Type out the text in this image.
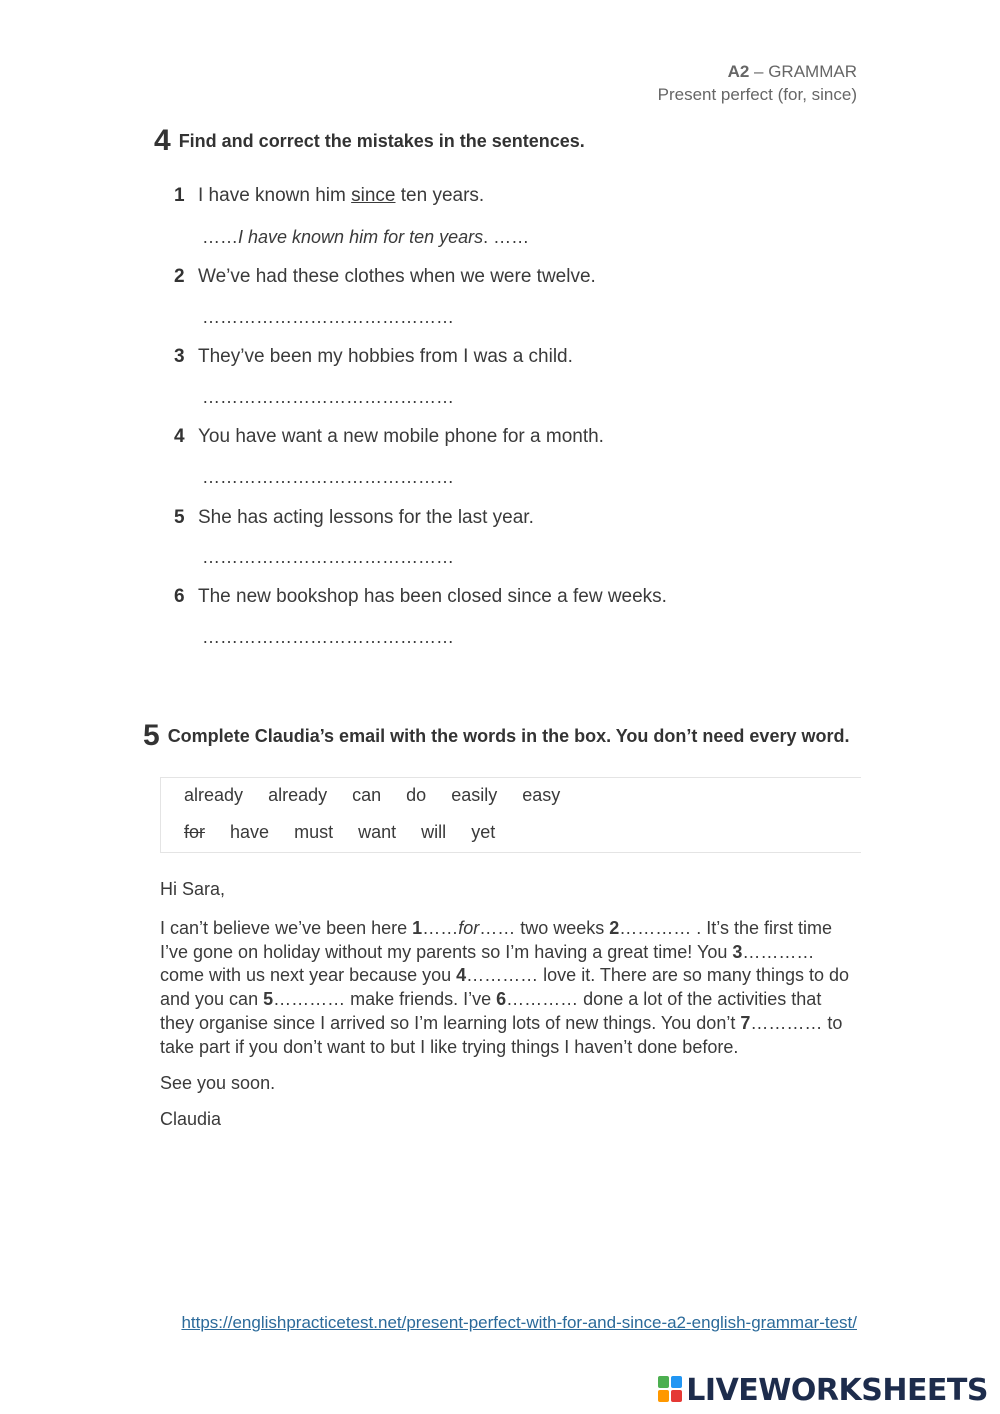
A2 – GRAMMAR
Present perfect (for, since)
4 Find and correct the mistakes in the sentences.
1 I have known him since ten years.
……I have known him for ten years. ……
2 We’ve had these clothes when we were twelve.
……………………………………
3 They’ve been my hobbies from I was a child.
……………………………………
4 You have want a new mobile phone for a month.
……………………………………
5 She has acting lessons for the last year.
……………………………………
6 The new bookshop has been closed since a few weeks.
……………………………………
5 Complete Claudia’s email with the words in the box. You don’t need every word.
already already can do easily easy
for have must want will yet
Hi Sara,
I can’t believe we’ve been here 1……for…… two weeks 2………… . It’s the first time I’ve gone on holiday without my parents so I’m having a great time! You 3………… come with us next year because you 4………… love it. There are so many things to do and you can 5………… make friends. I’ve 6………… done a lot of the activities that they organise since I arrived so I’m learning lots of new things. You don’t 7………… to take part if you don’t want to but I like trying things I haven’t done before.
See you soon.
Claudia
https://englishpracticetest.net/present-perfect-with-for-and-since-a2-english-grammar-test/
LIVEWORKSHEETS
